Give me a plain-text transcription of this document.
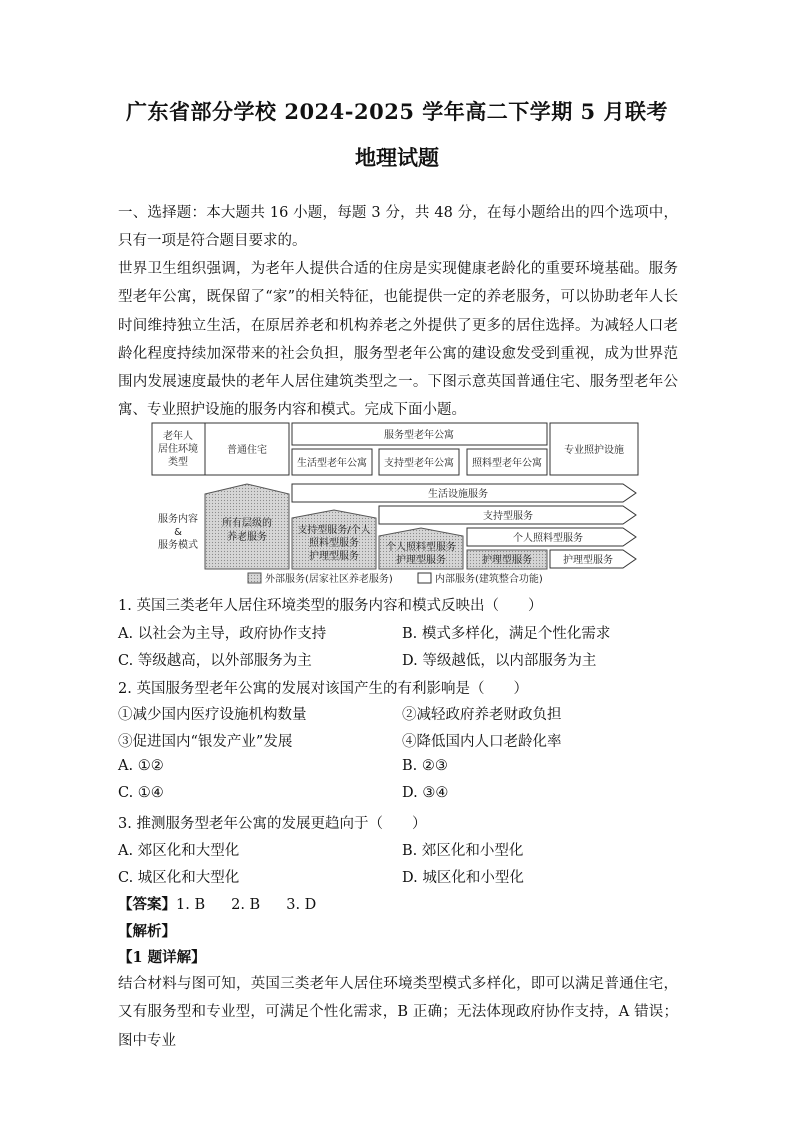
广东省部分学校 2024-2025 学年高二下学期 5 月联考
地理试题
一、选择题：本大题共 16 小题，每题 3 分，共 48 分，在每小题给出的四个选项中，只有一项是符合题目要求的。
世界卫生组织强调，为老年人提供合适的住房是实现健康老龄化的重要环境基础。服务型老年公寓，既保留了“家”的相关特征，也能提供一定的养老服务，可以协助老年人长时间维持独立生活，在原居养老和机构养老之外提供了更多的居住选择。为减轻人口老龄化程度持续加深带来的社会负担，服务型老年公寓的建设愈发受到重视，成为世界范围内发展速度最快的老年人居住建筑类型之一。下图示意英国普通住宅、服务型老年公寓、专业照护设施的服务内容和模式。完成下面小题。
老年人
居住环境
类型
普通住宅
服务型老年公寓
生活型老年公寓 支持型老年公寓 照料型老年公寓
专业照护设施
服务内容
&
服务模式
所有层级的
养老服务
支持型服务/个人
照料型服务
护理型服务
个人照料型服务
护理型服务	护理型服务
生活设施服务
支持型服务
个人照料型服务
护理型服务
外部服务(居家社区养老服务)	内部服务(建筑整合功能)
1. 英国三类老年人居住环境类型的服务内容和模式反映出（　　）
A. 以社会为主导，政府协作支持	B. 模式多样化，满足个性化需求
C. 等级越高，以外部服务为主	D. 等级越低，以内部服务为主
2. 英国服务型老年公寓的发展对该国产生的有利影响是（　　）
①减少国内医疗设施机构数量	②减轻政府养老财政负担
③促进国内“银发产业”发展	④降低国内人口老龄化率
A. ①②	B. ②③
C. ①④	D. ③④
3. 推测服务型老年公寓的发展更趋向于（　　）
A. 郊区化和大型化	B. 郊区化和小型化
C. 城区化和大型化	D. 城区化和小型化
【答案】1. B 2. B 3. D
【解析】
【1 题详解】
结合材料与图可知，英国三类老年人居住环境类型模式多样化，即可以满足普通住宅，又有服务型和专业型，可满足个性化需求，B 正确；无法体现政府协作支持，A 错误；图中专业
